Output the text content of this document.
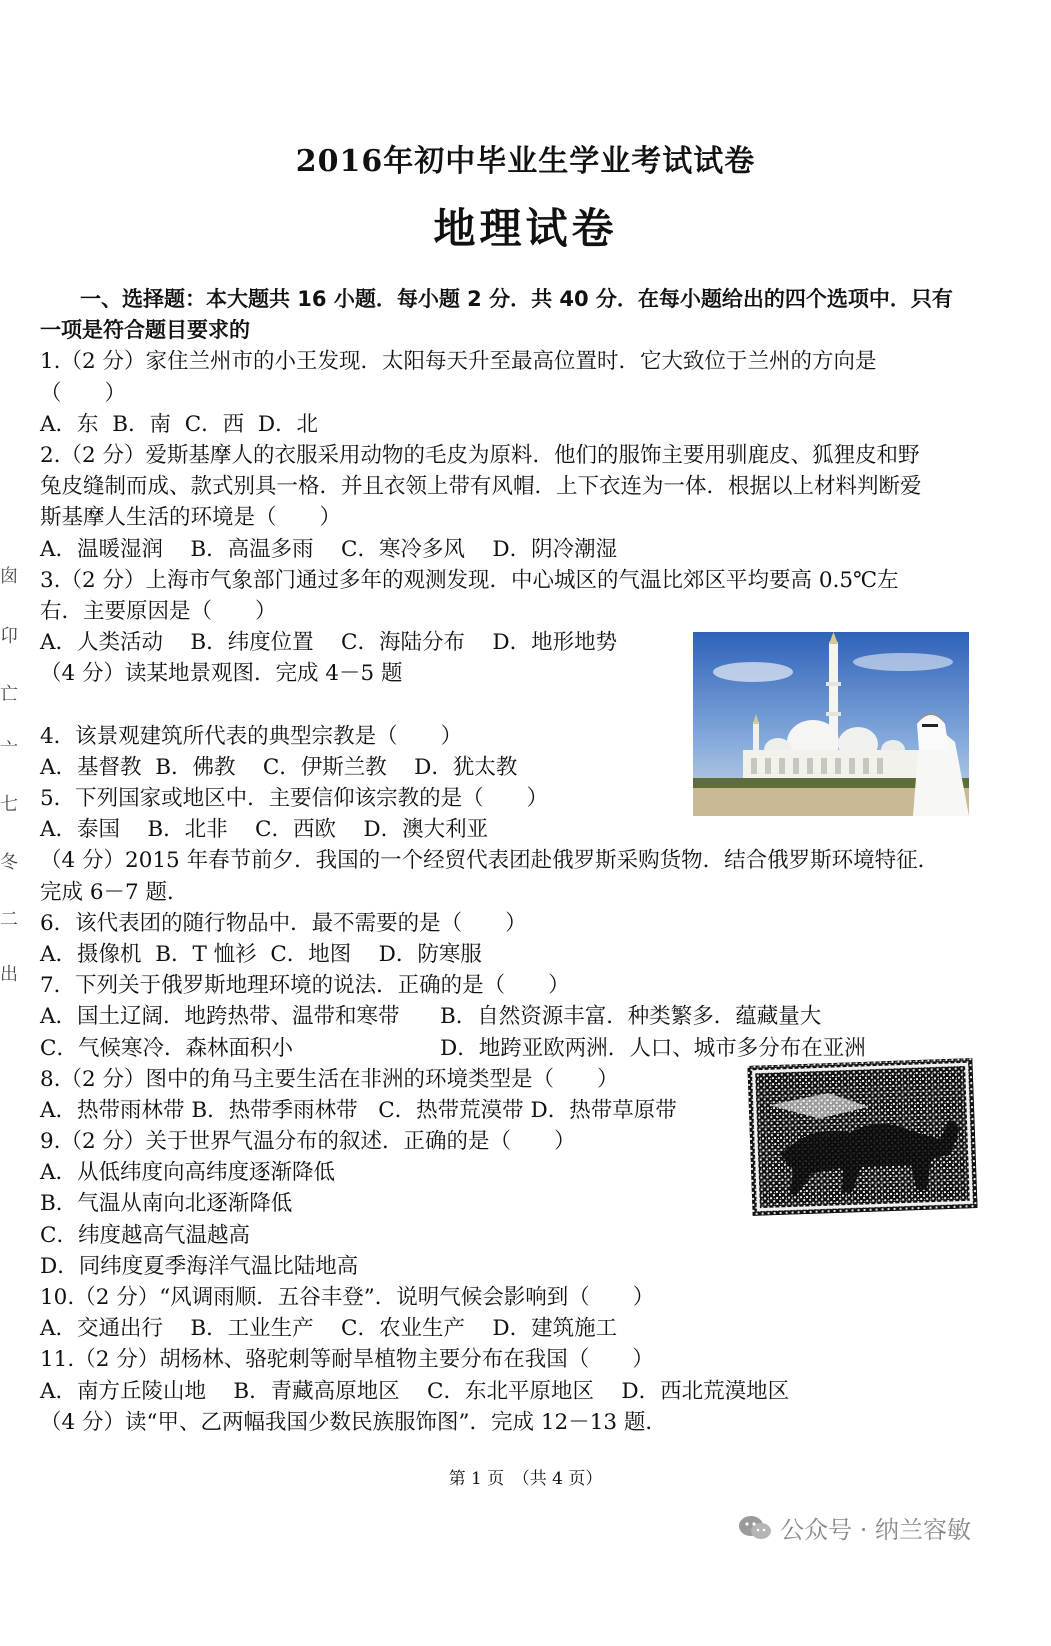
2016年初中毕业生学业考试试卷
地理试卷
囱
卬
亡
亠
七
冬
二
出
一、选择题：本大题共 16 小题．每小题 2 分．共 40 分．在每小题给出的四个选项中．只有
一项是符合题目要求的
1.（2 分）家住兰州市的小王发现．太阳每天升至最高位置时．它大致位于兰州的方向是
（　　）
A．东 B．南 C．西 D．北
2.（2 分）爱斯基摩人的衣服采用动物的毛皮为原料．他们的服饰主要用驯鹿皮、狐狸皮和野
兔皮缝制而成、款式别具一格．并且衣领上带有风帽．上下衣连为一体．根据以上材料判断爱
斯基摩人生活的环境是（　　）
A．温暖湿润 B．高温多雨 C．寒冷多风 D．阴冷潮湿
3.（2 分）上海市气象部门通过多年的观测发现．中心城区的气温比郊区平均要高 0.5℃左
右．主要原因是（　　）
A．人类活动 B．纬度位置 C．海陆分布 D．地形地势
（4 分）读某地景观图．完成 4－5 题
4．该景观建筑所代表的典型宗教是（　　）
A．基督教 B．佛教 C．伊斯兰教 D．犹太教
5．下列国家或地区中．主要信仰该宗教的是（　　）
A．泰国 B．北非 C．西欧 D．澳大利亚
（4 分）2015 年春节前夕．我国的一个经贸代表团赴俄罗斯采购货物．结合俄罗斯环境特征．
完成 6－7 题．
6．该代表团的随行物品中．最不需要的是（　　）
A．摄像机 B．T 恤衫 C．地图 D．防寒服
7．下列关于俄罗斯地理环境的说法．正确的是（　　）
A．国土辽阔．地跨热带、温带和寒带 B．自然资源丰富．种类繁多．蕴藏量大
C．气候寒冷．森林面积小	D．地跨亚欧两洲．人口、城市多分布在亚洲
8.（2 分）图中的角马主要生活在非洲的环境类型是（　　）
A．热带雨林带 B．热带季雨林带 C．热带荒漠带 D．热带草原带
9.（2 分）关于世界气温分布的叙述．正确的是（　　）
A．从低纬度向高纬度逐渐降低
B．气温从南向北逐渐降低
C．纬度越高气温越高
D．同纬度夏季海洋气温比陆地高
10.（2 分）“风调雨顺．五谷丰登”．说明气候会影响到（　　）
A．交通出行 B．工业生产 C．农业生产 D．建筑施工
11.（2 分）胡杨林、骆驼刺等耐旱植物主要分布在我国（　　）
A．南方丘陵山地 B．青藏高原地区 C．东北平原地区 D．西北荒漠地区
（4 分）读“甲、乙两幅我国少数民族服饰图”．完成 12－13 题．
第 1 页　（共 4 页）
公众号 · 纳兰容敏
